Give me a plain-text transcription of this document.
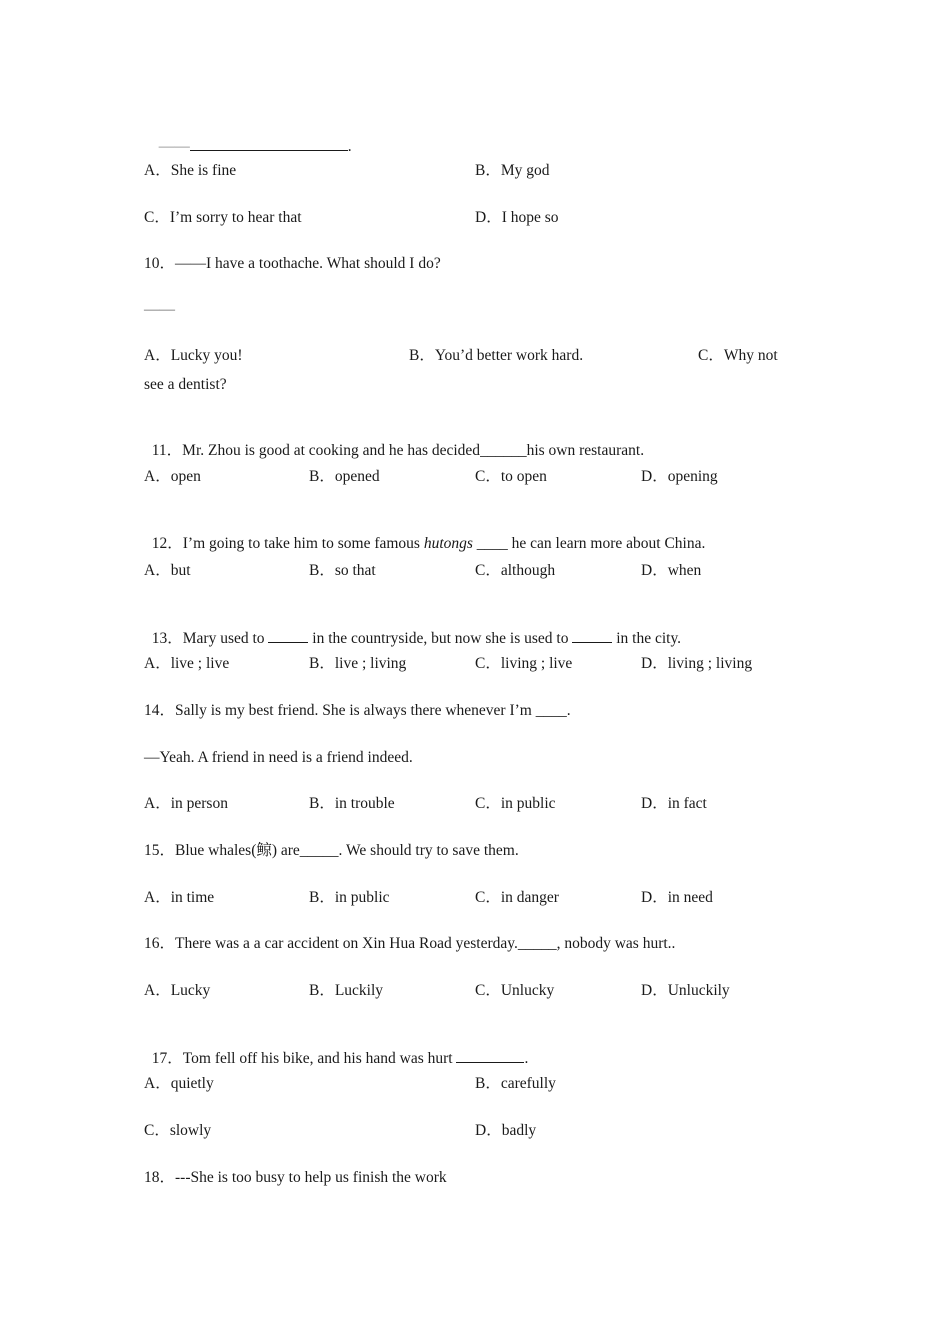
——	.

A．She is fine	B．My god
C．I’m sorry to hear that	D．I hope so
10．——I have a toothache. What should I do?
——
A．Lucky you!	B．You’d better work hard.	C．Why not
see a dentist?

11．Mr. Zhou is good at cooking and he has decided______his own restaurant.

A．open	B．opened	C．to open	D．opening

12．I’m going to take him to some famous hutongs ____ he can learn more about China.

A．but	B．so that	C．although	D．when

13．Mary used to	in the countryside, but now she is used to	in the city.

A．live ; live	B．live ; living	C．living ; live	D．living ; living
14．Sally is my best friend. She is always there whenever I’m ____.
—Yeah. A friend in need is a friend indeed.
A．in person	B．in trouble	C．in public	D．in fact
15．Blue whales(鲸) are_____. We should try to save them.
A．in time	B．in public	C．in danger	D．in need
16．There was a a car accident on Xin Hua Road yesterday._____, nobody was hurt..
A．Lucky	B．Luckily	C．Unlucky	D．Unluckily

17．Tom fell off his bike, and his hand was hurt	.

A．quietly	B．carefully
C．slowly	D．badly
18．---She is too busy to help us finish the work
